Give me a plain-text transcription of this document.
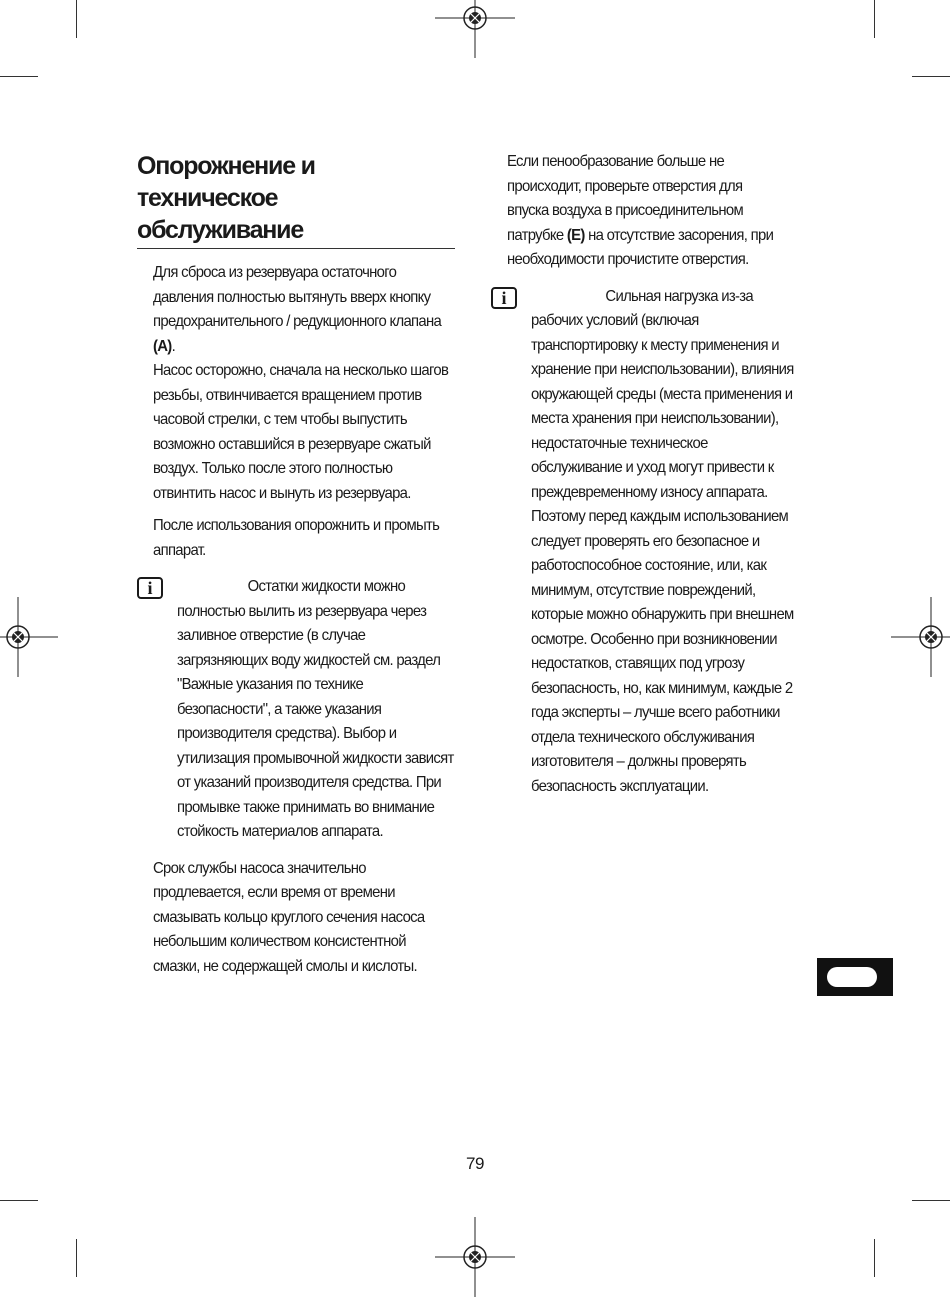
Опорожнение и техническое
обслуживание

Для сброса из резервуара остаточного давления полностью вытянуть вверх кнопку предохранительного / редукционного клапана (А).

Насос осторожно, сначала на несколько шагов резьбы, отвинчивается вращением против часовой стрелки, с тем чтобы выпустить возможно оставшийся в резервуаре сжатый воздух. Только после этого полностью отвинтить насос и вынуть из резервуара.

После использования опорожнить и промыть аппарат.

i	Остатки жидкости можно полностью вылить из резервуара через заливное отверстие (в случае загрязняющих воду жидкостей см. раздел "Важные указания по технике безопасности", а также указания производителя средства). Выбор и утилизация промывочной жидкости зависят от указаний производителя средства. При промывке также принимать во внимание стойкость материалов аппарата.

Срок службы насоса значительно продлевается, если время от времени смазывать кольцо круглого сечения насоса небольшим количеством консистентной смазки, не содержащей смолы и кислоты.

Если пенообразование больше не происходит, проверьте отверстия для впуска воздуха в присоединительном патрубке (E) на отсутствие засорения, при необходимости прочистите отверстия.

i	Сильная нагрузка из-за рабочих условий (включая транспортировку к месту применения и хранение при неиспользовании), влияния окружающей среды (места применения и места хранения при неиспользовании), недостаточные техническое обслуживание и уход могут привести к преждевременному износу аппарата. Поэтому перед каждым использованием следует проверять его безопасное и работоспособное состояние, или, как минимум, отсутствие повреждений, которые можно обнаружить при внешнем осмотре. Особенно при возникновении недостатков, ставящих под угрозу безопасность, но, как минимум, каждые 2 года эксперты – лучше всего работники отдела технического обслуживания изготовителя – должны проверять безопасность эксплуатации.

79
